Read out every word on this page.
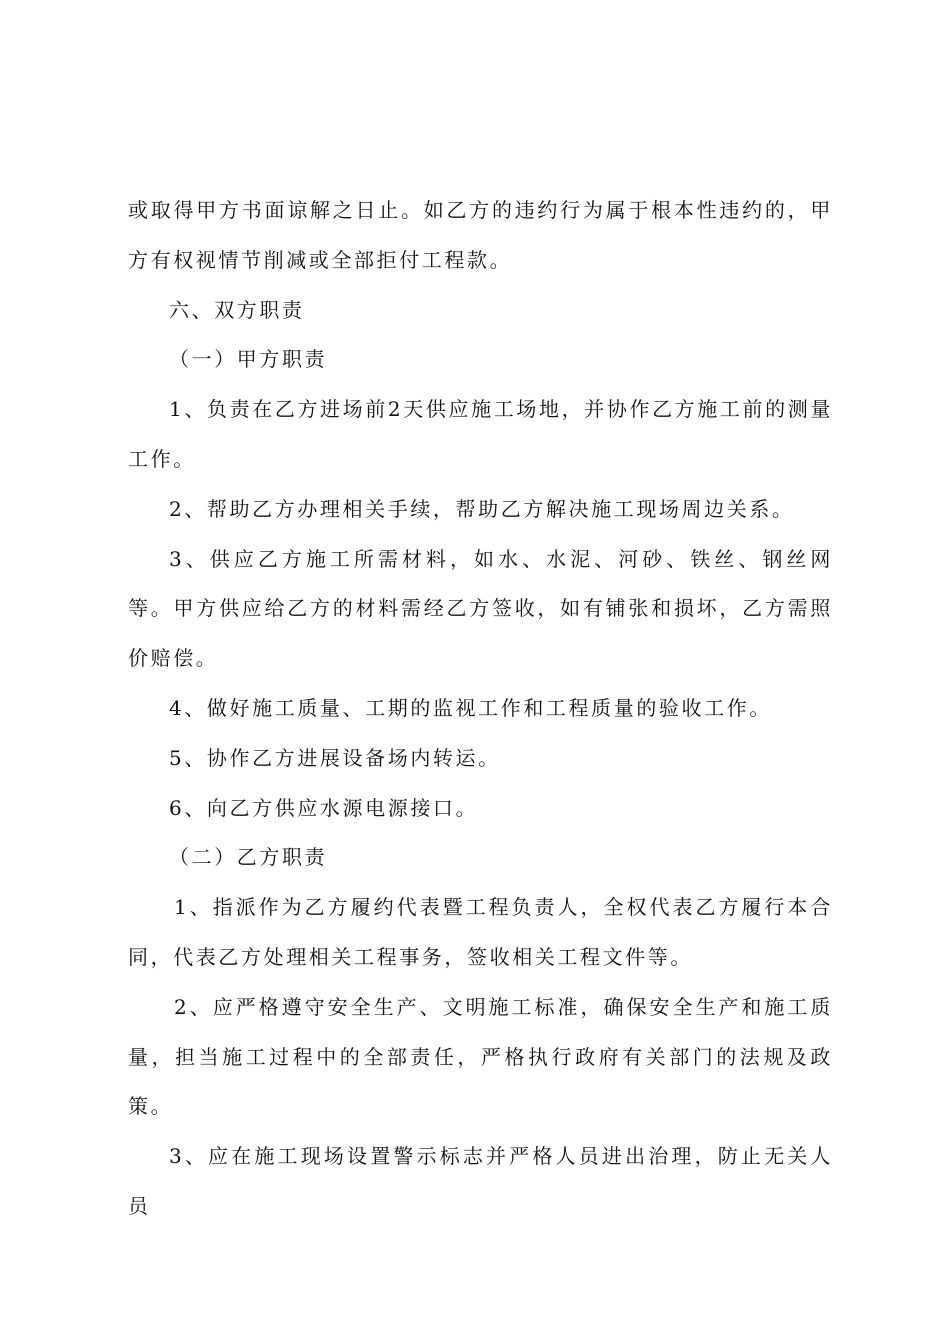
或取得甲方书面谅解之日止。如乙方的违约行为属于根本性违约的，甲方有权视情节削减或全部拒付工程款。

六、双方职责

（一）甲方职责

1、负责在乙方进场前2天供应施工场地，并协作乙方施工前的测量工作。

2、帮助乙方办理相关手续，帮助乙方解决施工现场周边关系。

3、供应乙方施工所需材料，如水、水泥、河砂、铁丝、钢丝网等。甲方供应给乙方的材料需经乙方签收，如有铺张和损坏，乙方需照价赔偿。

4、做好施工质量、工期的监视工作和工程质量的验收工作。

5、协作乙方进展设备场内转运。

6、向乙方供应水源电源接口。

（二）乙方职责

1、指派作为乙方履约代表暨工程负责人，全权代表乙方履行本合同，代表乙方处理相关工程事务，签收相关工程文件等。

2、应严格遵守安全生产、文明施工标准，确保安全生产和施工质量，担当施工过程中的全部责任，严格执行政府有关部门的法规及政策。

3、应在施工现场设置警示标志并严格人员进出治理，防止无关人员
